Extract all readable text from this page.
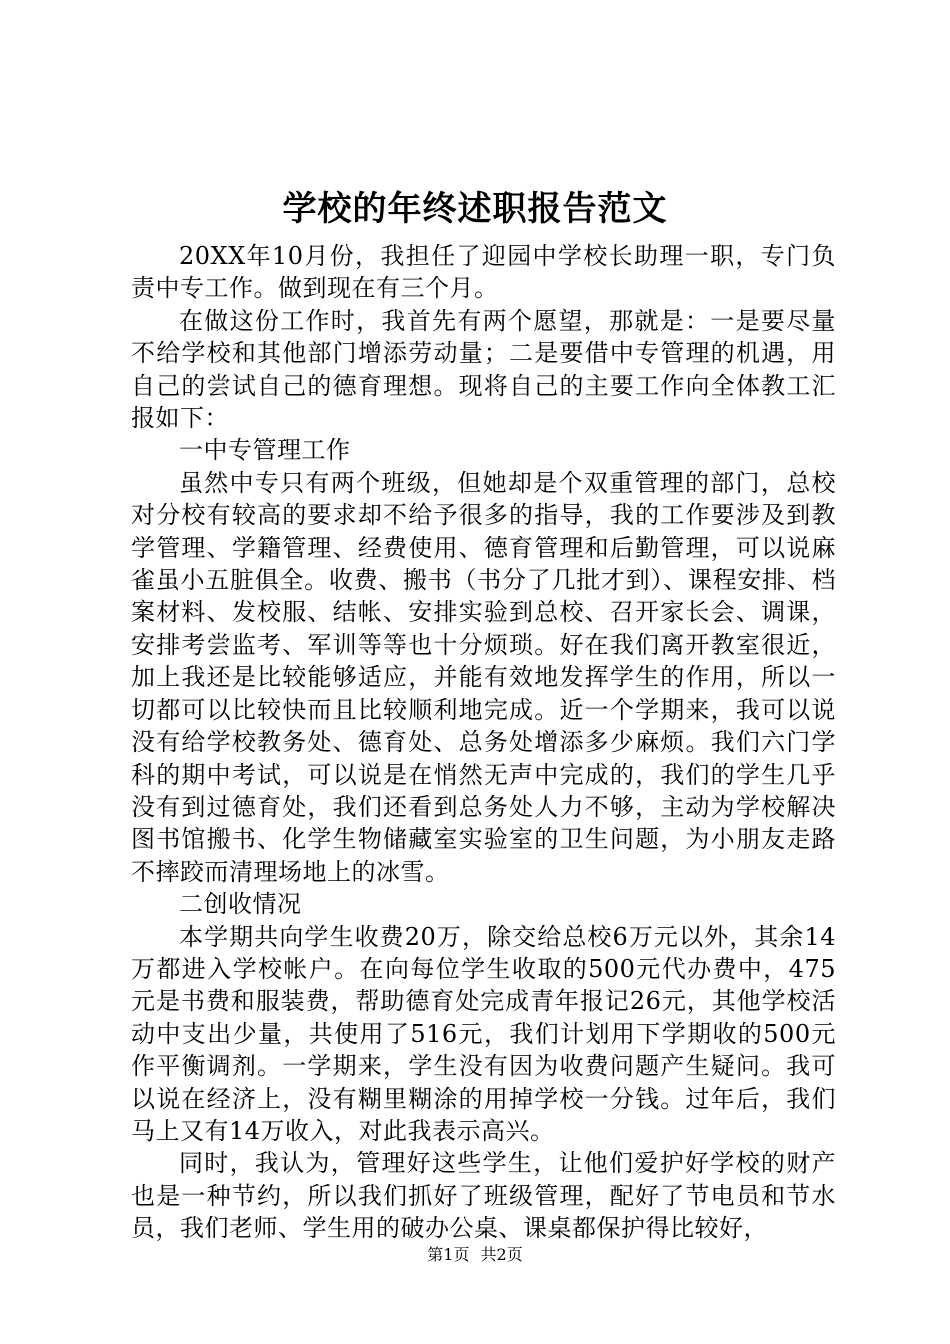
学校的年终述职报告范文

20XX年10月份，我担任了迎园中学校长助理一职，专门负责中专工作。做到现在有三个月。

在做这份工作时，我首先有两个愿望，那就是：一是要尽量不给学校和其他部门增添劳动量；二是要借中专管理的机遇，用自己的尝试自己的德育理想。现将自己的主要工作向全体教工汇报如下：

一中专管理工作

虽然中专只有两个班级，但她却是个双重管理的部门，总校对分校有较高的要求却不给予很多的指导，我的工作要涉及到教学管理、学籍管理、经费使用、德育管理和后勤管理，可以说麻雀虽小五脏俱全。收费、搬书（书分了几批才到）、课程安排、档案材料、发校服、结帐、安排实验到总校、召开家长会、调课，安排考尝监考、军训等等也十分烦琐。好在我们离开教室很近，加上我还是比较能够适应，并能有效地发挥学生的作用，所以一切都可以比较快而且比较顺利地完成。近一个学期来，我可以说没有给学校教务处、德育处、总务处增添多少麻烦。我们六门学科的期中考试，可以说是在悄然无声中完成的，我们的学生几乎没有到过德育处，我们还看到总务处人力不够，主动为学校解决图书馆搬书、化学生物储藏室实验室的卫生问题，为小朋友走路不摔跤而清理场地上的冰雪。

二创收情况

本学期共向学生收费20万，除交给总校6万元以外，其余14万都进入学校帐户。在向每位学生收取的500元代办费中，475元是书费和服装费，帮助德育处完成青年报记26元，其他学校活动中支出少量，共使用了516元，我们计划用下学期收的500元作平衡调剂。一学期来，学生没有因为收费问题产生疑问。我可以说在经济上，没有糊里糊涂的用掉学校一分钱。过年后，我们马上又有14万收入，对此我表示高兴。

同时，我认为，管理好这些学生，让他们爱护好学校的财产也是一种节约，所以我们抓好了班级管理，配好了节电员和节水员，我们老师、学生用的破办公桌、课桌都保护得比较好，

第1页 共2页
